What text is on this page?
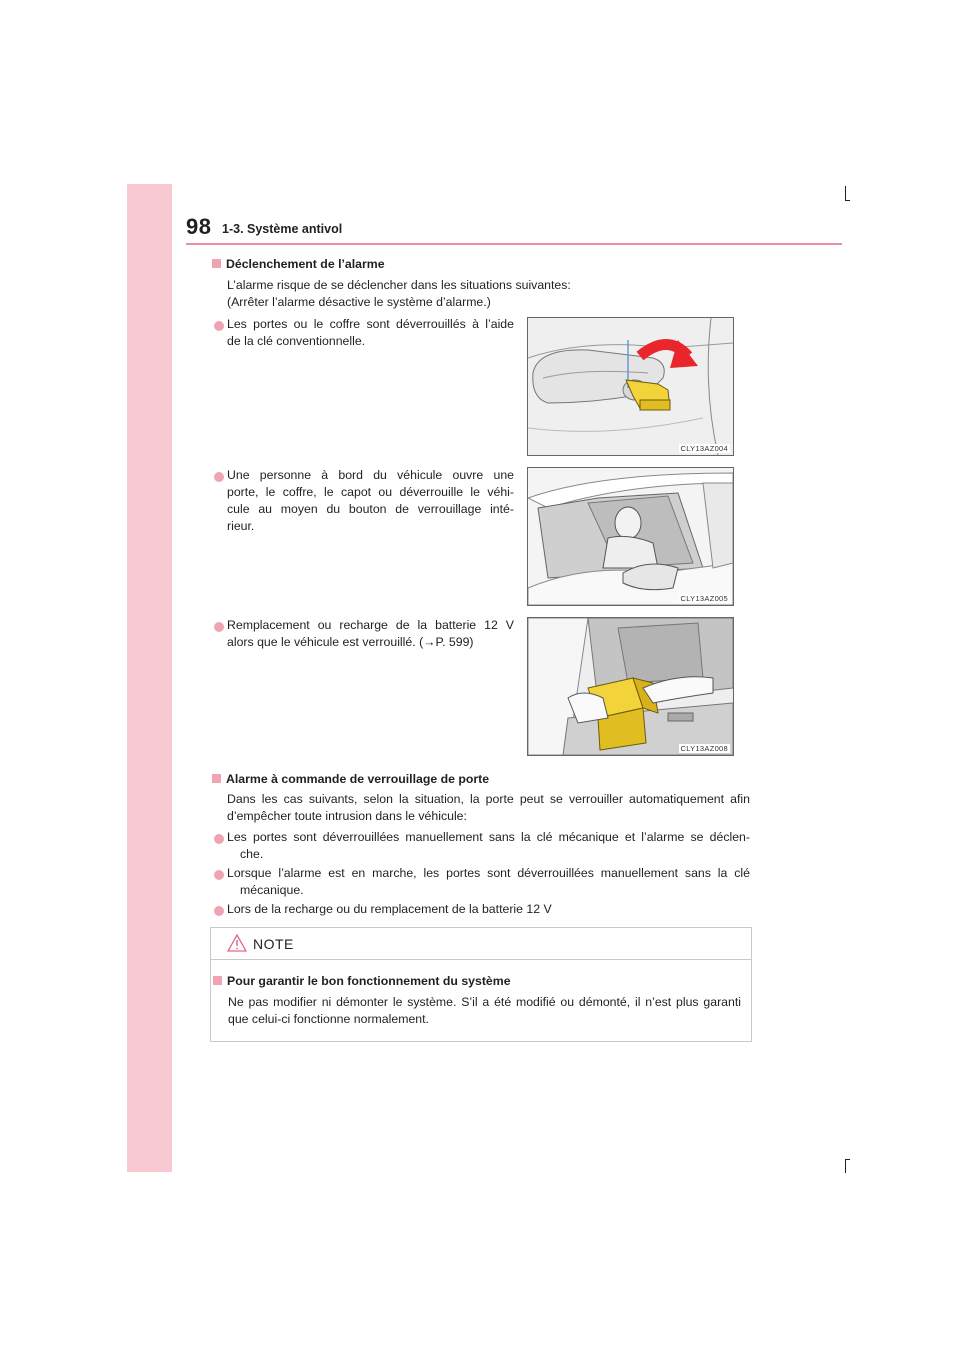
98 1-3. Système antivol
Déclenchement de l’alarme
L’alarme risque de se déclencher dans les situations suivantes:
(Arrêter l’alarme désactive le système d’alarme.)
Les portes ou le coffre sont déverrouillés à l’aide
de la clé conventionnelle.
CLY13AZ004
Une personne à bord du véhicule ouvre une
porte, le coffre, le capot ou déverrouille le véhi-
cule au moyen du bouton de verrouillage inté-
rieur.
CLY13AZ005
Remplacement ou recharge de la batterie 12 V
alors que le véhicule est verrouillé. (→P. 599)
CLY13AZ008
Alarme à commande de verrouillage de porte
Dans les cas suivants, selon la situation, la porte peut se verrouiller automatiquement afin
d’empêcher toute intrusion dans le véhicule:
Les portes sont déverrouillées manuellement sans la clé mécanique et l’alarme se déclen-
che.
Lorsque l’alarme est en marche, les portes sont déverrouillées manuellement sans la clé
mécanique.
Lors de la recharge ou du remplacement de la batterie 12 V
NOTE
Pour garantir le bon fonctionnement du système
Ne pas modifier ni démonter le système. S’il a été modifié ou démonté, il n’est plus garanti
que celui-ci fonctionne normalement.
